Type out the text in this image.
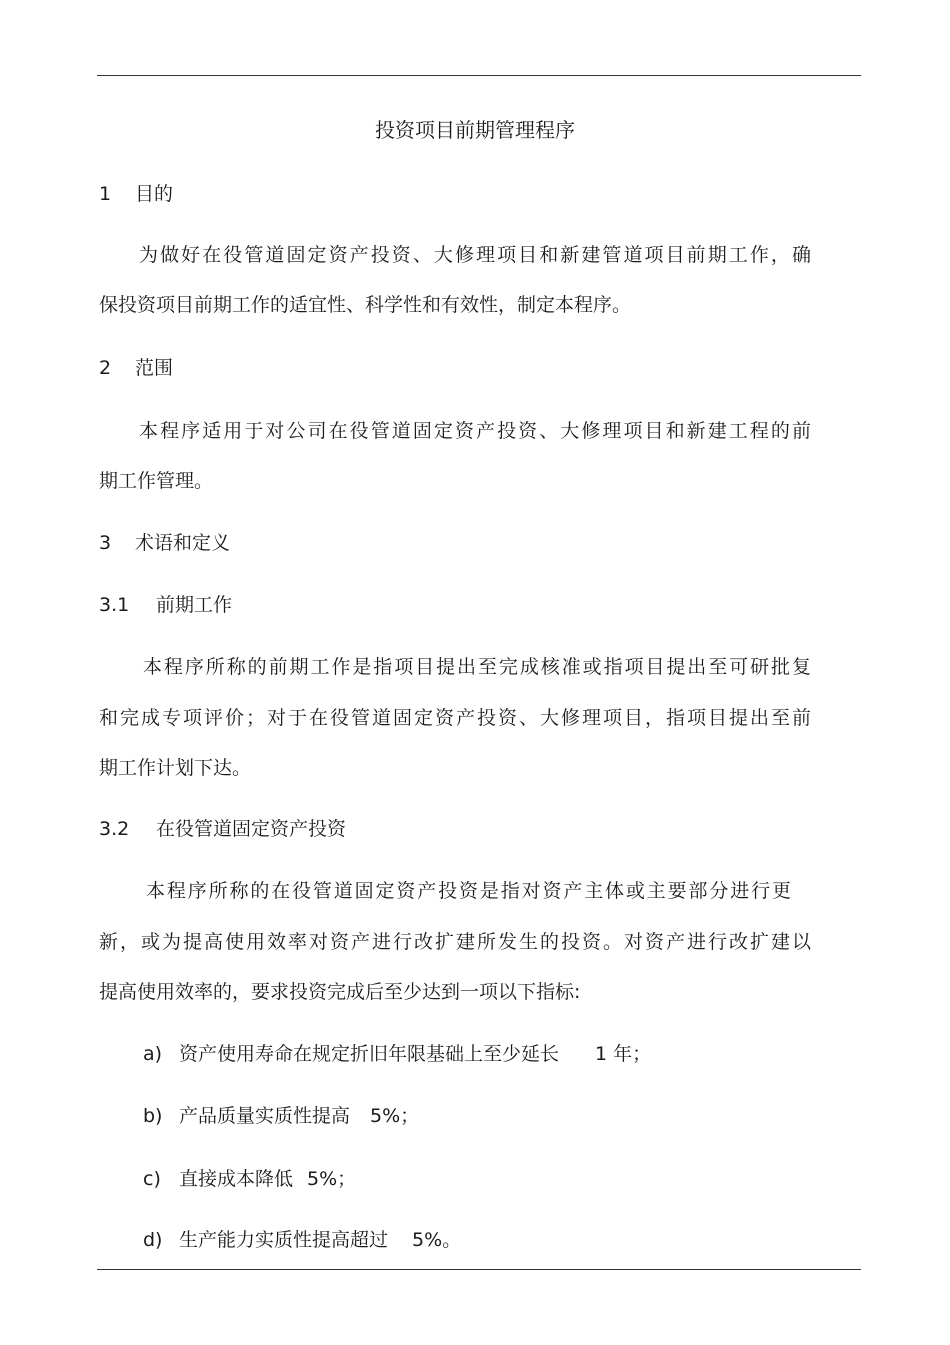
投资项目前期管理程序
1 目的
为做好在役管道固定资产投资、大修理项目和新建管道项目前期工作，确
保投资项目前期工作的适宜性、科学性和有效性，制定本程序。
2 范围
本程序适用于对公司在役管道固定资产投资、大修理项目和新建工程的前
期工作管理。
3 术语和定义
3.1 前期工作
本程序所称的前期工作是指项目提出至完成核准或指项目提出至可研批复
和完成专项评价；对于在役管道固定资产投资、大修理项目，指项目提出至前
期工作计划下达。
3.2 在役管道固定资产投资
本程序所称的在役管道固定资产投资是指对资产主体或主要部分进行更
新，或为提高使用效率对资产进行改扩建所发生的投资。对资产进行改扩建以
提高使用效率的，要求投资完成后至少达到一项以下指标:
a) 资产使用寿命在规定折旧年限基础上至少延长 1 年；
b) 产品质量实质性提高 5%；
c) 直接成本降低 5%；
d) 生产能力实质性提高超过 5%。
